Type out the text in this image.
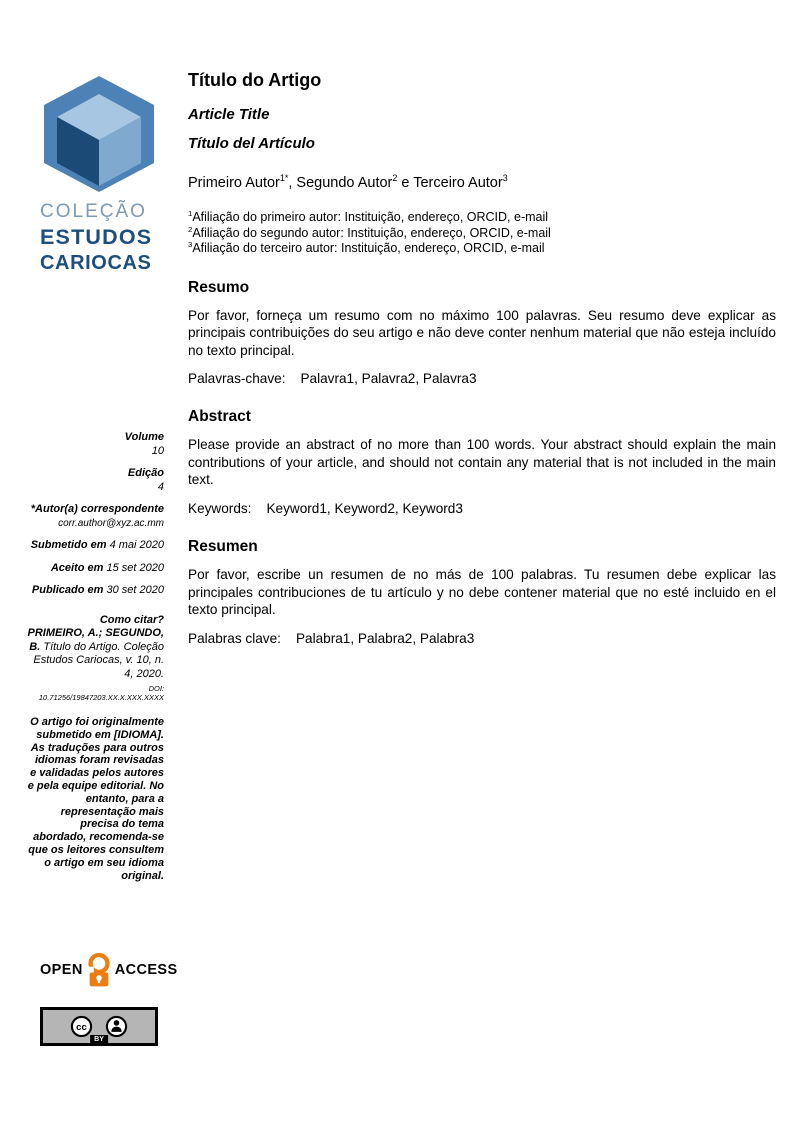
COLEÇÃO
ESTUDOS
CARIOCAS
Volume
10
Edição
4
*Autor(a) correspondente
corr.author@xyz.ac.mm
Submetido em 4 mai 2020
Aceito em 15 set 2020
Publicado em 30 set 2020
Como citar?
PRIMEIRO, A.; SEGUNDO, B. Título do Artigo. Coleção Estudos Cariocas, v. 10, n. 4, 2020.
DOI: 10.71256/19847203.XX.X.XXX.XXXX
O artigo foi originalmente submetido em [IDIOMA]. As traduções para outros idiomas foram revisadas e validadas pelos autores e pela equipe editorial. No entanto, para a representação mais precisa do tema abordado, recomenda-se que os leitores consultem o artigo em seu idioma original.
OPEN ACCESS
cc
BY
Título do Artigo
Article Title
Título del Artículo
Primeiro Autor$^{1*}$, Segundo Autor$^2$ e Terceiro Autor$^3$
$^1$Afiliação do primeiro autor: Instituição, endereço, ORCID, e-mail
$^2$Afiliação do segundo autor: Instituição, endereço, ORCID, e-mail
$^3$Afiliação do terceiro autor: Instituição, endereço, ORCID, e-mail
Resumo

Por favor, forneça um resumo com no máximo 100 palavras. Seu resumo deve explicar as principais contribuições do seu artigo e não deve conter nenhum material que não esteja incluído no texto principal.

Palavras-chave: Palavra1, Palavra2, Palavra3
Abstract

Please provide an abstract of no more than 100 words. Your abstract should explain the main contributions of your article, and should not contain any material that is not included in the main text.

Keywords: Keyword1, Keyword2, Keyword3
Resumen

Por favor, escribe un resumen de no más de 100 palabras. Tu resumen debe explicar las principales contribuciones de tu artículo y no debe contener material que no esté incluido en el texto principal.

Palabras clave: Palabra1, Palabra2, Palabra3
